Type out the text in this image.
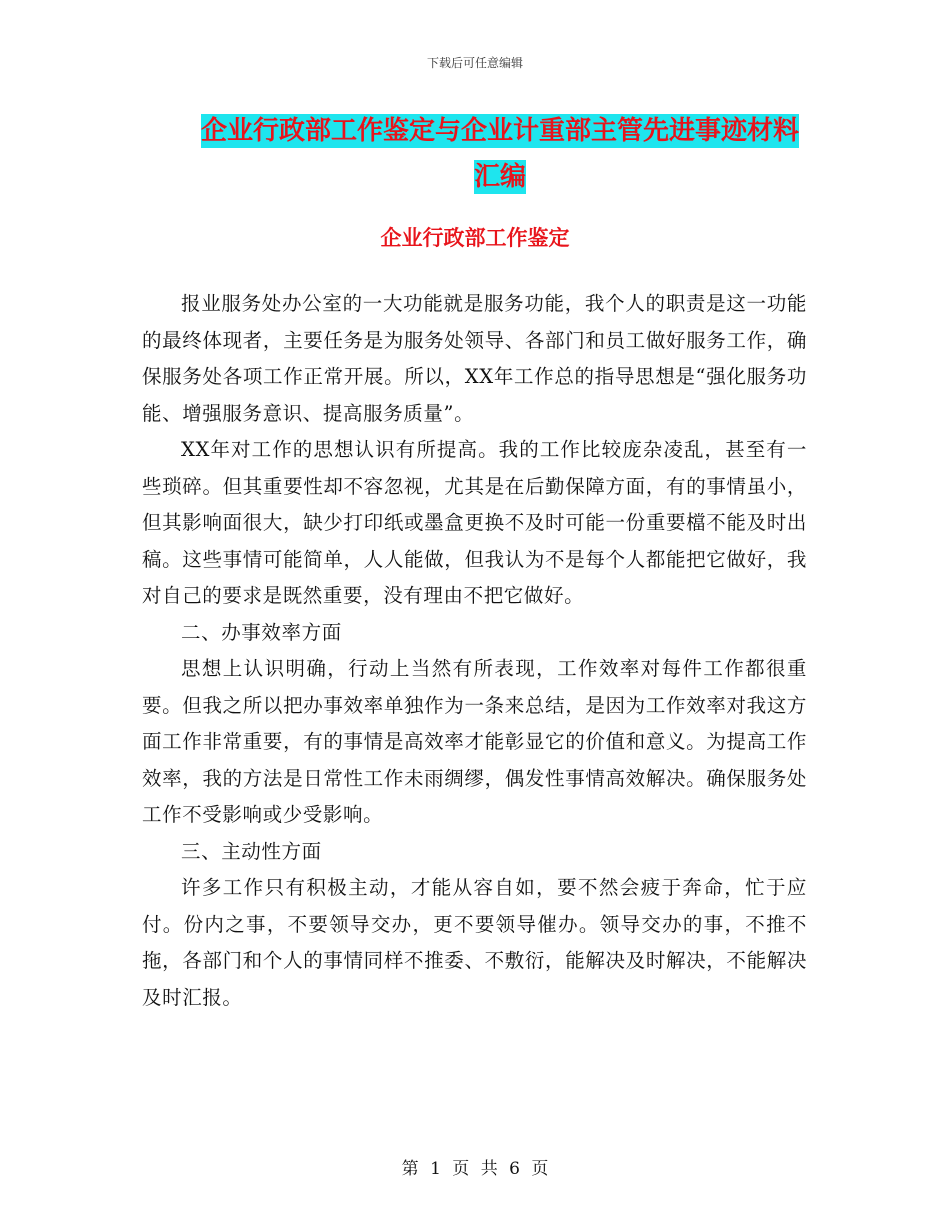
下载后可任意编辑
企业行政部工作鉴定与企业计重部主管先进事迹材料汇编
企业行政部工作鉴定

报业服务处办公室的一大功能就是服务功能，我个人的职责是这一功能的最终体现者，主要任务是为服务处领导、各部门和员工做好服务工作，确保服务处各项工作正常开展。所以，XX年工作总的指导思想是“强化服务功能、增强服务意识、提高服务质量”。

XX年对工作的思想认识有所提高。我的工作比较庞杂凌乱，甚至有一些琐碎。但其重要性却不容忽视，尤其是在后勤保障方面，有的事情虽小，但其影响面很大，缺少打印纸或墨盒更换不及时可能一份重要檔不能及时出稿。这些事情可能简单，人人能做，但我认为不是每个人都能把它做好，我对自己的要求是既然重要，没有理由不把它做好。

二、办事效率方面

思想上认识明确，行动上当然有所表现，工作效率对每件工作都很重要。但我之所以把办事效率单独作为一条来总结，是因为工作效率对我这方面工作非常重要，有的事情是高效率才能彰显它的价值和意义。为提高工作效率，我的方法是日常性工作未雨绸缪，偶发性事情高效解决。确保服务处工作不受影响或少受影响。

三、主动性方面

许多工作只有积极主动，才能从容自如，要不然会疲于奔命，忙于应付。份内之事，不要领导交办，更不要领导催办。领导交办的事，不推不拖，各部门和个人的事情同样不推委、不敷衍，能解决及时解决，不能解决及时汇报。

第 1 页 共 6 页
